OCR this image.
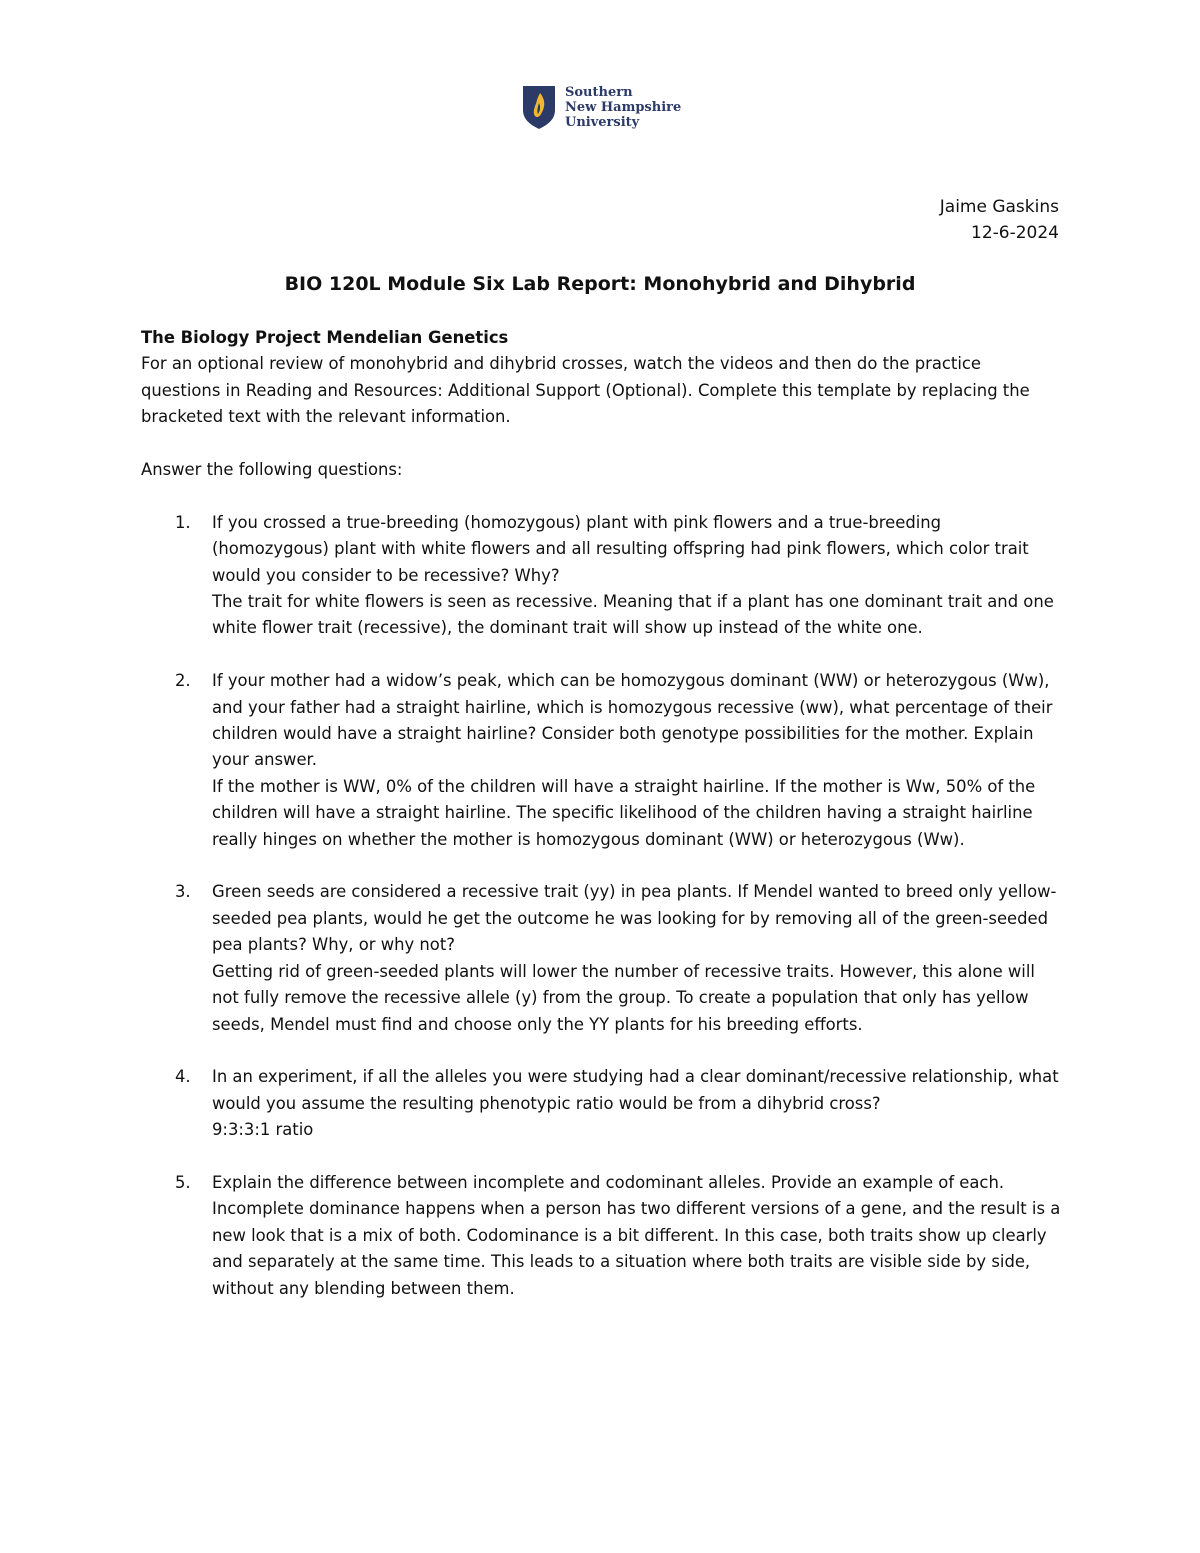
Southern
New Hampshire
University
Jaime Gaskins
12-6-2024
BIO 120L Module Six Lab Report: Monohybrid and Dihybrid

The Biology Project Mendelian Genetics

For an optional review of monohybrid and dihybrid crosses, watch the videos and then do the practice questions in Reading and Resources: Additional Support (Optional). Complete this template by replacing the bracketed text with the relevant information.

Answer the following questions:

1. If you crossed a true-breeding (homozygous) plant with pink flowers and a true-breeding (homozygous) plant with white flowers and all resulting offspring had pink flowers, which color trait would you consider to be recessive? Why?

The trait for white flowers is seen as recessive. Meaning that if a plant has one dominant trait and one white flower trait (recessive), the dominant trait will show up instead of the white one.

2. If your mother had a widow’s peak, which can be homozygous dominant (WW) or heterozygous (Ww), and your father had a straight hairline, which is homozygous recessive (ww), what percentage of their children would have a straight hairline? Consider both genotype possibilities for the mother. Explain your answer.

If the mother is WW, 0% of the children will have a straight hairline. If the mother is Ww, 50% of the children will have a straight hairline. The specific likelihood of the children having a straight hairline really hinges on whether the mother is homozygous dominant (WW) or heterozygous (Ww).

3. Green seeds are considered a recessive trait (yy) in pea plants. If Mendel wanted to breed only yellow-seeded pea plants, would he get the outcome he was looking for by removing all of the green-seeded pea plants? Why, or why not?

Getting rid of green-seeded plants will lower the number of recessive traits. However, this alone will not fully remove the recessive allele (y) from the group. To create a population that only has yellow seeds, Mendel must find and choose only the YY plants for his breeding efforts.

4. In an experiment, if all the alleles you were studying had a clear dominant/recessive relationship, what would you assume the resulting phenotypic ratio would be from a dihybrid cross?

9:3:3:1 ratio

5. Explain the difference between incomplete and codominant alleles. Provide an example of each.

Incomplete dominance happens when a person has two different versions of a gene, and the result is a new look that is a mix of both. Codominance is a bit different. In this case, both traits show up clearly and separately at the same time. This leads to a situation where both traits are visible side by side, without any blending between them.
